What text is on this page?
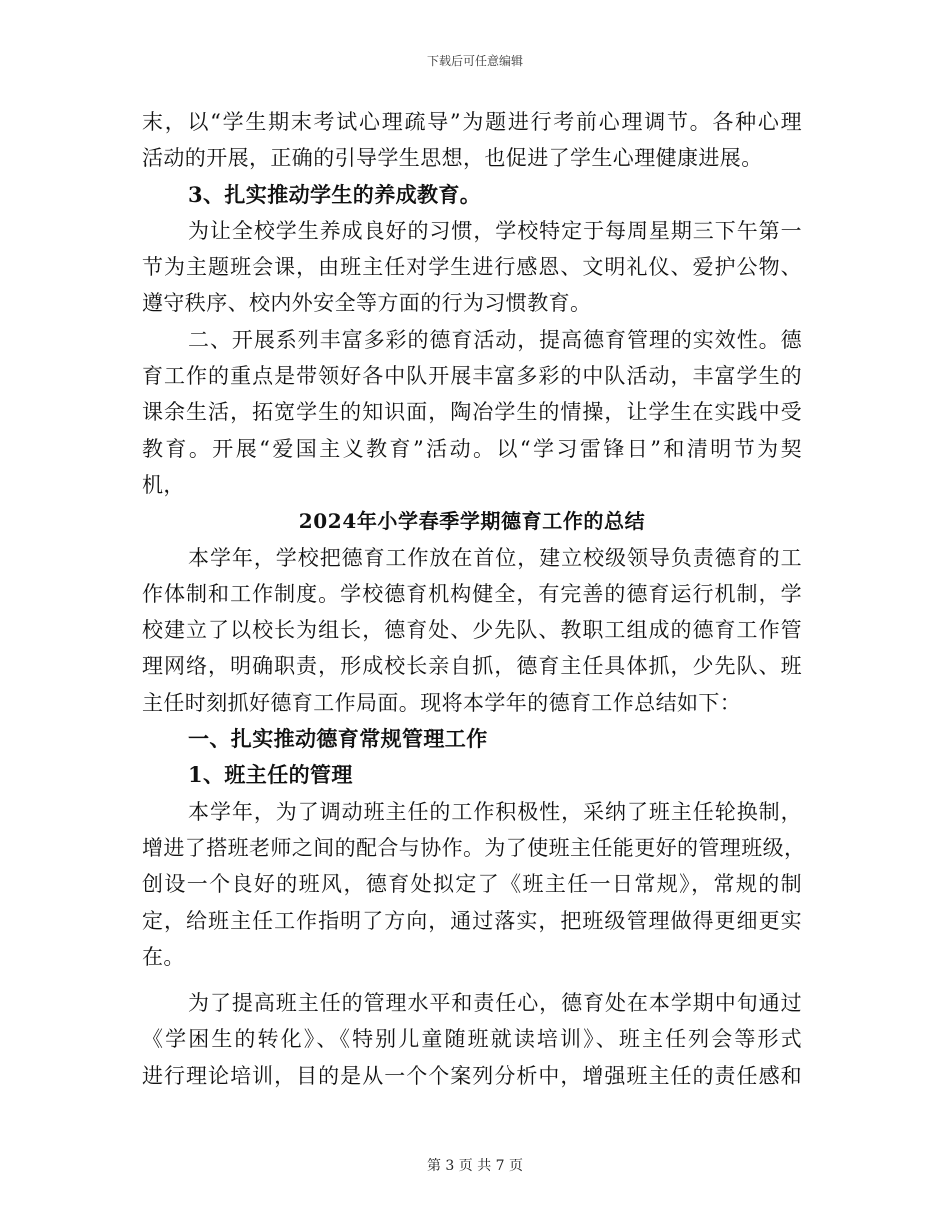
下载后可任意编辑
末，以“学生期末考试心理疏导”为题进行考前心理调节。各种心理
活动的开展，正确的引导学生思想，也促进了学生心理健康进展。
3、扎实推动学生的养成教育。
为让全校学生养成良好的习惯，学校特定于每周星期三下午第一
节为主题班会课，由班主任对学生进行感恩、文明礼仪、爱护公物、
遵守秩序、校内外安全等方面的行为习惯教育。
二、开展系列丰富多彩的德育活动，提高德育管理的实效性。德
育工作的重点是带领好各中队开展丰富多彩的中队活动，丰富学生的
课余生活，拓宽学生的知识面，陶冶学生的情操，让学生在实践中受
教育。开展“爱国主义教育”活动。以“学习雷锋日”和清明节为契
机，
2024年小学春季学期德育工作的总结
本学年，学校把德育工作放在首位，建立校级领导负责德育的工
作体制和工作制度。学校德育机构健全，有完善的德育运行机制，学
校建立了以校长为组长，德育处、少先队、教职工组成的德育工作管
理网络，明确职责，形成校长亲自抓，德育主任具体抓，少先队、班
主任时刻抓好德育工作局面。现将本学年的德育工作总结如下：
一、扎实推动德育常规管理工作
1、班主任的管理
本学年，为了调动班主任的工作积极性，采纳了班主任轮换制，
增进了搭班老师之间的配合与协作。为了使班主任能更好的管理班级，
创设一个良好的班风，德育处拟定了《班主任一日常规》，常规的制
定，给班主任工作指明了方向，通过落实，把班级管理做得更细更实
在。
为了提高班主任的管理水平和责任心，德育处在本学期中旬通过
《学困生的转化》、《特别儿童随班就读培训》、班主任列会等形式
进行理论培训，目的是从一个个案列分析中，增强班主任的责任感和
第 3 页 共 7 页
